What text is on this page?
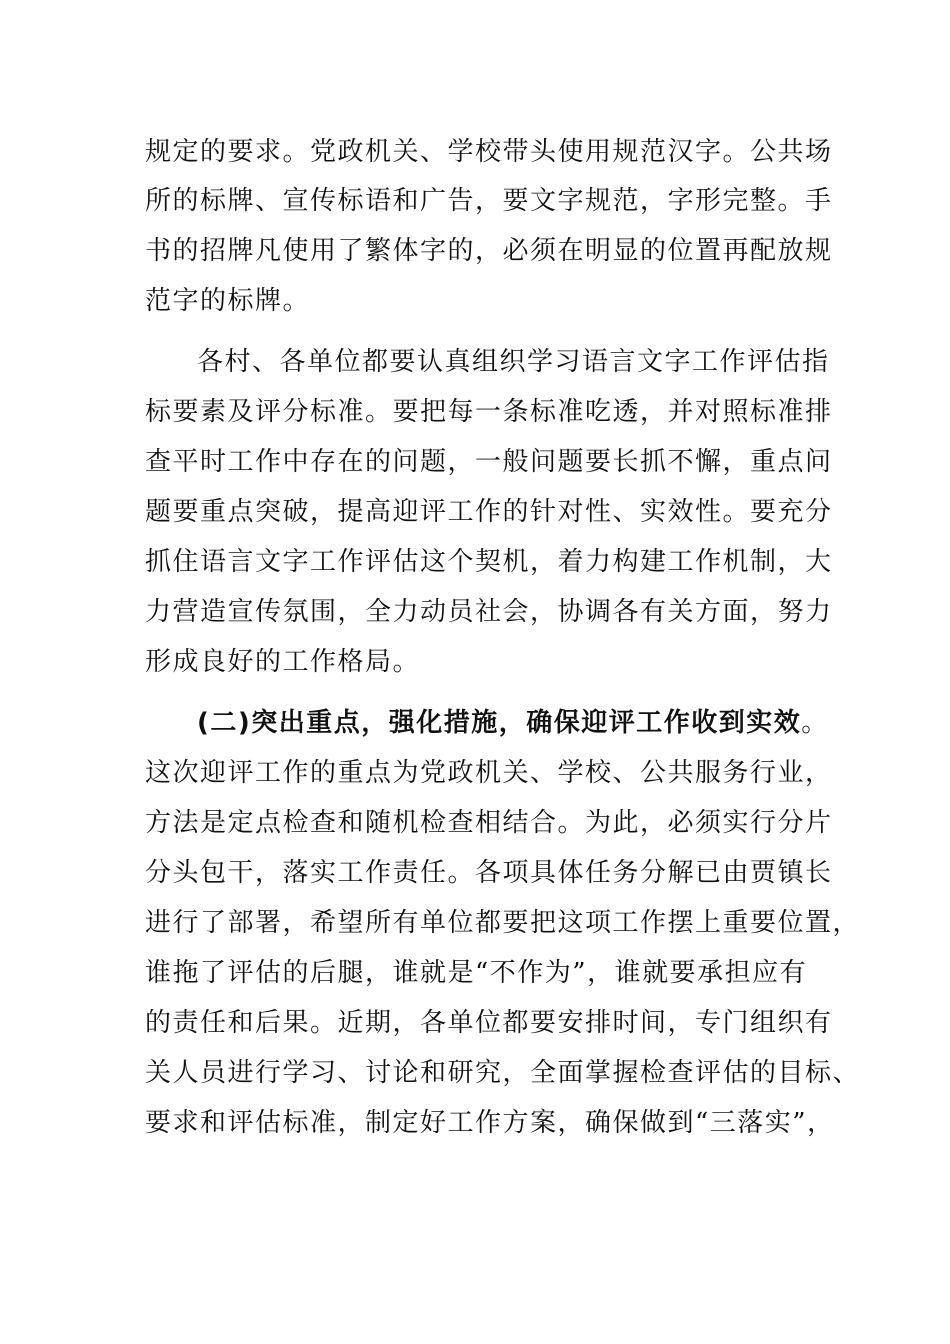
规定的要求。党政机关、学校带头使用规范汉字。公共场
所的标牌、宣传标语和广告，要文字规范，字形完整。手
书的招牌凡使用了繁体字的，必须在明显的位置再配放规
范字的标牌。
各村、各单位都要认真组织学习语言文字工作评估指
标要素及评分标准。要把每一条标准吃透，并对照标准排
查平时工作中存在的问题，一般问题要长抓不懈，重点问
题要重点突破，提高迎评工作的针对性、实效性。要充分
抓住语言文字工作评估这个契机，着力构建工作机制，大
力营造宣传氛围，全力动员社会，协调各有关方面，努力
形成良好的工作格局。
(二)突出重点，强化措施，确保迎评工作收到实效。
这次迎评工作的重点为党政机关、学校、公共服务行业，
方法是定点检查和随机检查相结合。为此，必须实行分片
分头包干，落实工作责任。各项具体任务分解已由贾镇长
进行了部署，希望所有单位都要把这项工作摆上重要位置，
谁拖了评估的后腿，谁就是“不作为”，谁就要承担应有
的责任和后果。近期，各单位都要安排时间，专门组织有
关人员进行学习、讨论和研究，全面掌握检查评估的目标、
要求和评估标准，制定好工作方案，确保做到“三落实”，
